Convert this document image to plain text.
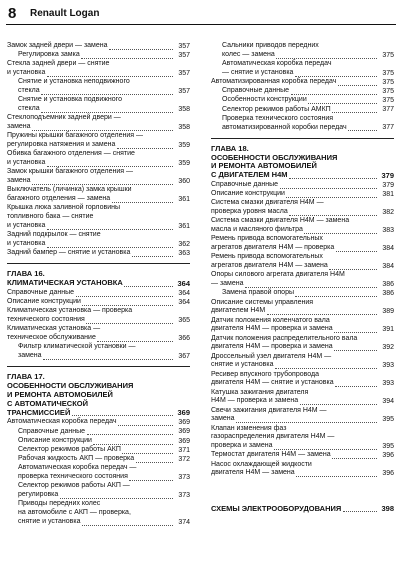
8 Renault Logan
Замок задней двери — замена	357
Регулировка замка	357
Стекла задней двери — снятие
и установка	357
Снятие и установка неподвижного
стекла	357
Снятие и установка подвижного
стекла	358
Стеклоподъемник задней двери —
замена	358
Пружины крышки багажного отделения —
регулировка натяжения и замена	359
Обивка багажного отделения — снятие
и установка	359
Замок крышки багажного отделения —
замена	360
Выключатель (личинка) замка крышки
багажного отделения — замена	361
Крышка люка заливной горловины
топливного бака — снятие
и установка	361
Задний подкрылок — снятие
и установка	362
Задний бампер — снятие и установка	363
ГЛАВА 16.
КЛИМАТИЧЕСКАЯ УСТАНОВКА	364
Справочные данные	364
Описание конструкции	364
Климатическая установка — проверка
технического состояния	365
Климатическая установка —
техническое обслуживание	366
Фильтр климатической установки —
замена	367
ГЛАВА 17.
ОСОБЕННОСТИ ОБСЛУЖИВАНИЯ
И РЕМОНТА АВТОМОБИЛЕЙ
С АВТОМАТИЧЕСКОЙ
ТРАНСМИССИЕЙ	369
Автоматическая коробка передач	369
Справочные данные	369
Описание конструкции	369
Селектор режимов работы АКП	371
Рабочая жидкость АКП — проверка	372
Автоматическая коробка передач —
проверка технического состояния	373
Селектор режимов работы АКП —
регулировка	373
Приводы передних колес
на автомобиле с АКП — проверка,
снятие и установка	374
Сальники приводов передних
колес — замена	375
Автоматическая коробка передач
— снятие и установка	375
Автоматизированная коробка передач	375
Справочные данные	375
Особенности конструкции	375
Селектор режимов работы АМКП	377
Проверка технического состояния
автоматизированной коробки передач	377
ГЛАВА 18.
ОСОБЕННОСТИ ОБСЛУЖИВАНИЯ
И РЕМОНТА АВТОМОБИЛЕЙ
С ДВИГАТЕЛЕМ Н4М	379
Справочные данные	379
Описание конструкции	381
Система смазки двигателя Н4М —
проверка уровня масла	382
Система смазки двигателя Н4М — замена
масла и масляного фильтра	383
Ремень привода вспомогательных
агрегатов двигателя Н4М — проверка	384
Ремень привода вспомогательных
агрегатов двигателя Н4М — замена	384
Опоры силового агрегата двигателя Н4М
— замена	386
Замена правой опоры	386
Описание системы управления
двигателем Н4М	389
Датчик положения коленчатого вала
двигателя Н4М — проверка и замена	391
Датчик положения распределительного вала
двигателя Н4М — проверка и замена	392
Дроссельный узел двигателя Н4М —
снятие и установка	393
Ресивер впускного трубопровода
двигателя Н4М — снятие и установка	393
Катушка зажигания двигателя
Н4М — проверка и замена	394
Свечи зажигания двигателя Н4М —
замена	395
Клапан изменения фаз
газораспределения двигателя Н4М —
проверка и замена	395
Термостат двигателя Н4М — замена	396
Насос охлаждающей жидкости
двигателя Н4М — замена	396
СХЕМЫ ЭЛЕКТРООБОРУДОВАНИЯ	398
